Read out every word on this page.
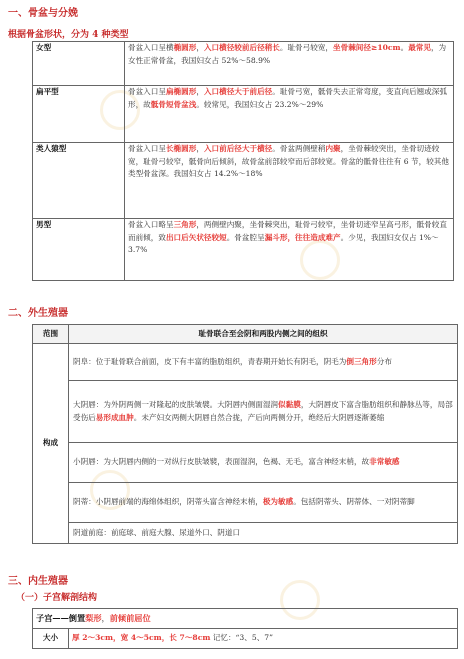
一、骨盆与分娩
根据骨盆形状，分为 4 种类型
女型	骨盆入口呈横椭圆形，入口横径较前后径稍长。耻骨弓较宽，坐骨棘间径≥10cm。最常见，为女性正常骨盆，我国妇女占 52%～58.9%
扁平型	骨盆入口呈扁椭圆形，入口横径大于前后径。耻骨弓宽，骶骨失去正常弯度，变直向后翘或深弧形，故骶骨短骨盆浅。较常见，我国妇女占 23.2%～29%
类人猿型	骨盆入口呈长椭圆形，入口前后径大于横径。骨盆两侧壁稍内聚，坐骨棘较突出，坐骨切迹较宽，耻骨弓较窄，骶骨向后倾斜，故骨盆前部较窄而后部较宽。骨盆的骶骨往往有 6 节，较其他类型骨盆深。我国妇女占 14.2%～18%
男型	骨盆入口略呈三角形，两侧壁内聚，坐骨棘突出，耻骨弓较窄，坐骨切迹窄呈高弓形，骶骨较直而前倾，致出口后矢状径较短。骨盆腔呈漏斗形，往往造成难产。少见，我国妇女仅占 1%～3.7%
二、外生殖器
范围	耻骨联合至会阴和两股内侧之间的组织
构成	阴阜：位于耻骨联合前面，皮下有丰富的脂肪组织，青春期开始长有阴毛，阴毛为倒三角形分布
	大阴唇：为外阴两侧一对隆起的皮肤皱襞。大阴唇内侧面湿润似黏膜，大阴唇皮下富含脂肪组织和静脉丛等，局部受伤后易形成血肿。未产妇女两侧大阴唇自然合拢，产后向两侧分开，绝经后大阴唇逐渐萎缩
	小阴唇：为大阴唇内侧的一对纵行皮肤皱襞，表面湿润，色褐、无毛，富含神经末梢，故非常敏感
	阴蒂：小阴唇前端的海绵体组织，阴蒂头富含神经末梢，极为敏感。包括阴蒂头、阴蒂体、一对阴蒂脚
	阴道前庭：前庭球、前庭大腺、尿道外口、阴道口
三、内生殖器
（一）子宫解剖结构
子宫——倒置梨形，前倾前屈位
大小	厚 2～3cm，宽 4～5cm，长 7～8cm 记忆：“3、5、7”
